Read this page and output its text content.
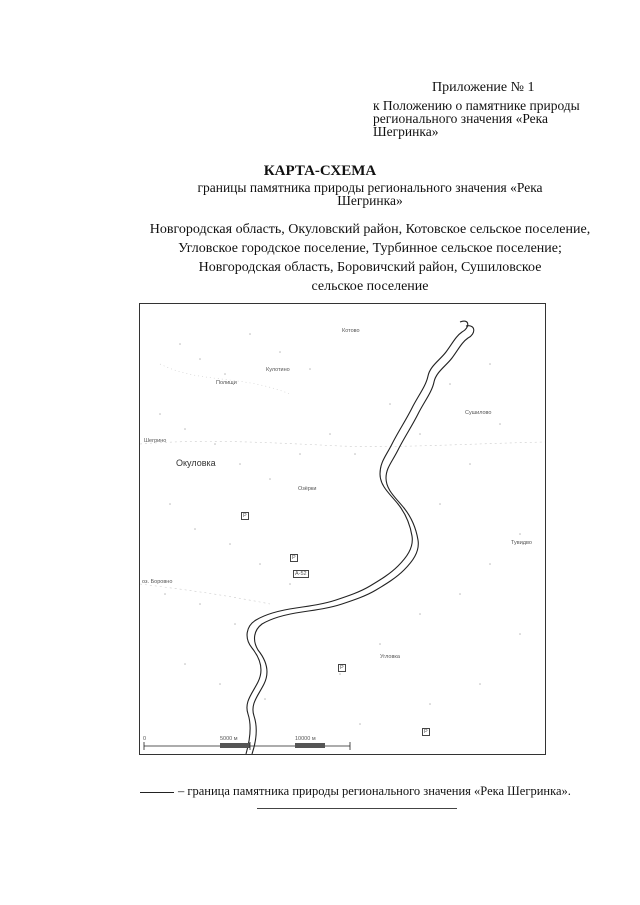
Приложение № 1
к Положению о памятнике природы регионального значения «Река Шегринка»
КАРТА-СХЕМА
границы памятника природы регионального значения «Река Шегринка»
Новгородская область, Окуловский район, Котовское сельское поселение,
Угловское городское поселение, Турбинное сельское поселение;
Новгородская область, Боровичский район, Сушиловское
сельское поселение
Котово
Кулотино
Полищи
Сушилово
Шегрино
Окуловка
Озёрки
Тувидво
оз. Боровно
Угловка
P
P
А-52
P
P
0	5000 м	10000 м
– граница памятника природы регионального значения «Река Шегринка».
